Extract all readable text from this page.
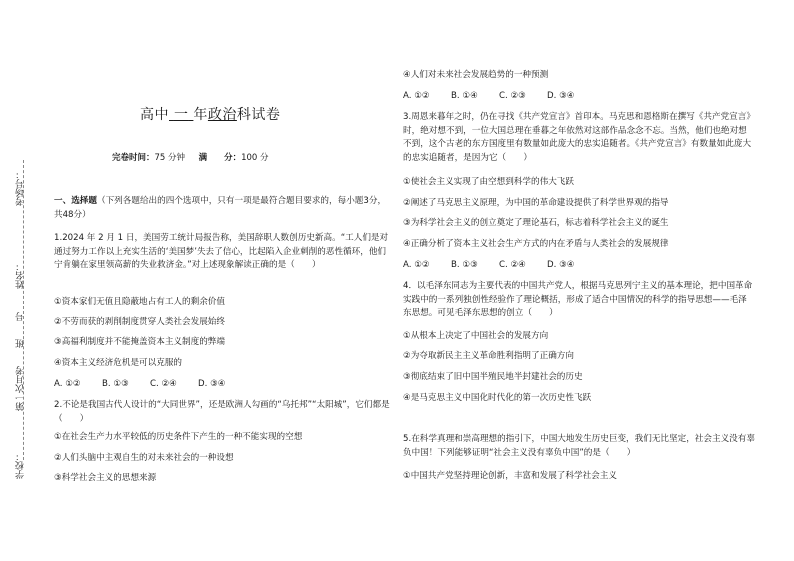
考场号：
姓名：
第一次月考　　班　　号
学校：
高中 一 年政治科试卷
完卷时间：75 分钟 满　　分：100 分

一、选择题（下列各题给出的四个选项中，只有一项是最符合题目要求的，每小题3分，共48分）

1.2024 年 2 月 1 日，美国劳工统计局报告称，美国辞职人数创历史新高。“工人们是对通过努力工作以上充实生活的‘美国梦’失去了信心，比起陷入企业刺削的恶性循环，他们宁肯躺在家里领高薪的失业救济金。”对上述现象解读正确的是（　　）

①资本家们无值且隐蔽地占有工人的剩余价值

②不劳而获的剥削制度贯穿人类社会发展始终

③高福利制度并不能掩盖资本主义制度的弊端

④资本主义经济危机是可以克服的

A. ①② B. ①③ C. ②④ D. ③④

2.不论是我国古代人设计的“大同世界”，还是欧洲人勾画的“乌托邦”“太阳城”，它们都是（　　）

①在社会生产力水平较低的历史条件下产生的一种不能实现的空想

②人们头脑中主观自生的对未来社会的一种设想

③科学社会主义的思想来源

④人们对未来社会发展趋势的一种预测

A. ①② B. ①④ C. ②③ D. ③④

3.周恩来暮年之时，仍在寻找《共产党宣言》首印本。马克思和恩格斯在撰写《共产党宣言》时，绝对想不到，一位大国总理在垂暮之年依然对这部作品念念不忘。当然，他们也绝对想不到，这个古老的东方国度里有数量如此庞大的忠实追随者。《共产党宣言》有数量如此庞大的忠实追随者，是因为它（　　）

①使社会主义实现了由空想到科学的伟大飞跃

②阐述了马克思主义原理，为中国的革命建设提供了科学世界观的指导

③为科学社会主义的创立奠定了理论基石，标志着科学社会主义的诞生

④正确分析了资本主义社会生产方式的内在矛盾与人类社会的发展规律

A. ①② B. ①③ C. ②④ D. ③④

4．以毛泽东同志为主要代表的中国共产党人，根据马克思列宁主义的基本理论，把中国革命实践中的一系列独创性经验作了理论概括，形成了适合中国情况的科学的指导思想——毛泽东思想。可见毛泽东思想的创立（　　）

①从根本上决定了中国社会的发展方向

②为夺取新民主主义革命胜利指明了正确方向

③彻底结束了旧中国半殖民地半封建社会的历史

④是马克思主义中国化时代化的第一次历史性飞跃

5.在科学真理和崇高理想的指引下，中国大地发生历史巨变，我们无比坚定，社会主义没有辜负中国！下列能够证明“社会主义没有辜负中国”的是（　　）

①中国共产党坚持理论创新，丰富和发展了科学社会主义
